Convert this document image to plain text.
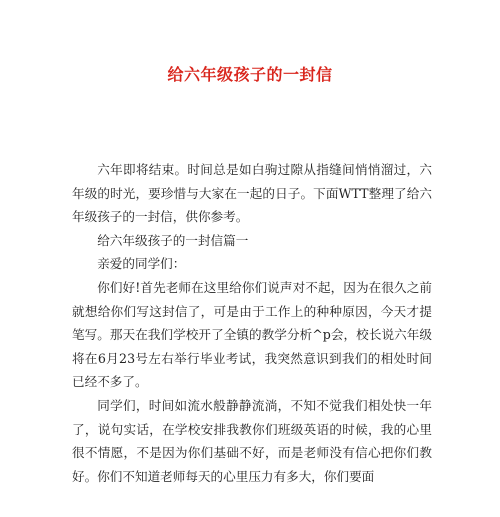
给六年级孩子的一封信

六年即将结束。时间总是如白驹过隙从指缝间悄悄溜过，六年级的时光，要珍惜与大家在一起的日子。下面WTT整理了给六年级孩子的一封信，供你参考。

给六年级孩子的一封信篇一

亲爱的同学们：

你们好!首先老师在这里给你们说声对不起，因为在很久之前就想给你们写这封信了，可是由于工作上的种种原因，今天才提笔写。那天在我们学校开了全镇的教学分析^p会，校长说六年级将在6月23号左右举行毕业考试，我突然意识到我们的相处时间已经不多了。

同学们，时间如流水般静静流淌，不知不觉我们相处快一年了，说句实话，在学校安排我教你们班级英语的时候，我的心里很不情愿，不是因为你们基础不好，而是老师没有信心把你们教好。你们不知道老师每天的心里压力有多大，你们要面
